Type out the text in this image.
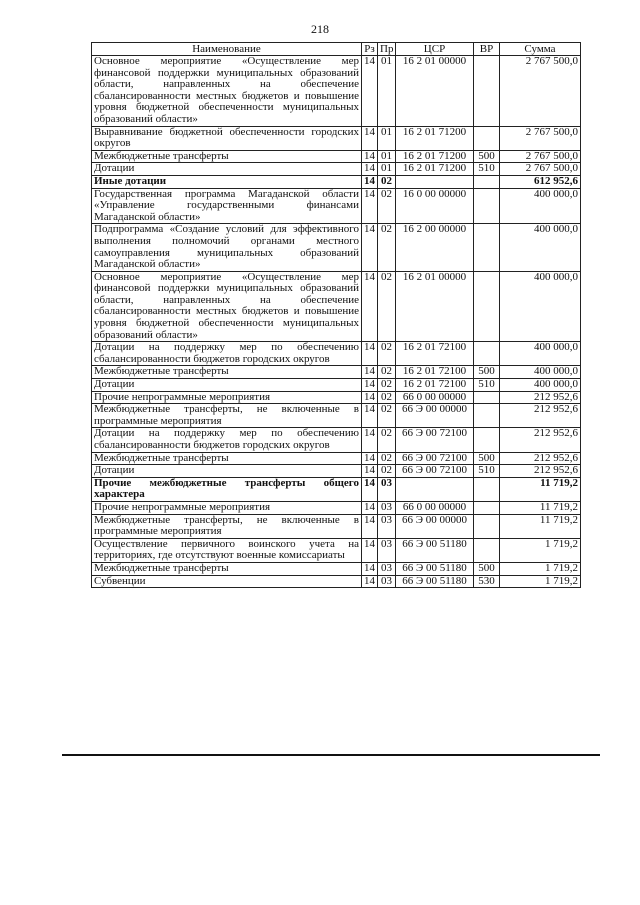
218
Наименование	Рз	Пр	ЦСР	ВР	Сумма
Основное мероприятие «Осуществление мер финансовой поддержки муниципальных образований области, направленных на обеспечение сбалансированности местных бюджетов и повышение уровня бюджетной обеспеченности муниципальных образований области»	14	01	16 2 01 00000		2 767 500,0
Выравнивание бюджетной обеспеченности городских округов	14	01	16 2 01 71200		2 767 500,0
Межбюджетные трансферты	14	01	16 2 01 71200	500	2 767 500,0
Дотации	14	01	16 2 01 71200	510	2 767 500,0
Иные дотации	14	02			612 952,6
Государственная программа Магаданской области «Управление государственными финансами Магаданской области»	14	02	16 0 00 00000		400 000,0
Подпрограмма «Создание условий для эффективного выполнения полномочий органами местного самоуправления муниципальных образований Магаданской области»	14	02	16 2 00 00000		400 000,0
Основное мероприятие «Осуществление мер финансовой поддержки муниципальных образований области, направленных на обеспечение сбалансированности местных бюджетов и повышение уровня бюджетной обеспеченности муниципальных образований области»	14	02	16 2 01 00000		400 000,0
Дотации на поддержку мер по обеспечению сбалансированности бюджетов городских округов	14	02	16 2 01 72100		400 000,0
Межбюджетные трансферты	14	02	16 2 01 72100	500	400 000,0
Дотации	14	02	16 2 01 72100	510	400 000,0
Прочие непрограммные мероприятия	14	02	66 0 00 00000		212 952,6
Межбюджетные трансферты, не включенные в программные мероприятия	14	02	66 Э 00 00000		212 952,6
Дотации на поддержку мер по обеспечению сбалансированности бюджетов городских округов	14	02	66 Э 00 72100		212 952,6
Межбюджетные трансферты	14	02	66 Э 00 72100	500	212 952,6
Дотации	14	02	66 Э 00 72100	510	212 952,6
Прочие межбюджетные трансферты общего характера	14	03			11 719,2
Прочие непрограммные мероприятия	14	03	66 0 00 00000		11 719,2
Межбюджетные трансферты, не включенные в программные мероприятия	14	03	66 Э 00 00000		11 719,2
Осуществление первичного воинского учета на территориях, где отсутствуют военные комиссариаты	14	03	66 Э 00 51180		1 719,2
Межбюджетные трансферты	14	03	66 Э 00 51180	500	1 719,2
Субвенции	14	03	66 Э 00 51180	530	1 719,2
